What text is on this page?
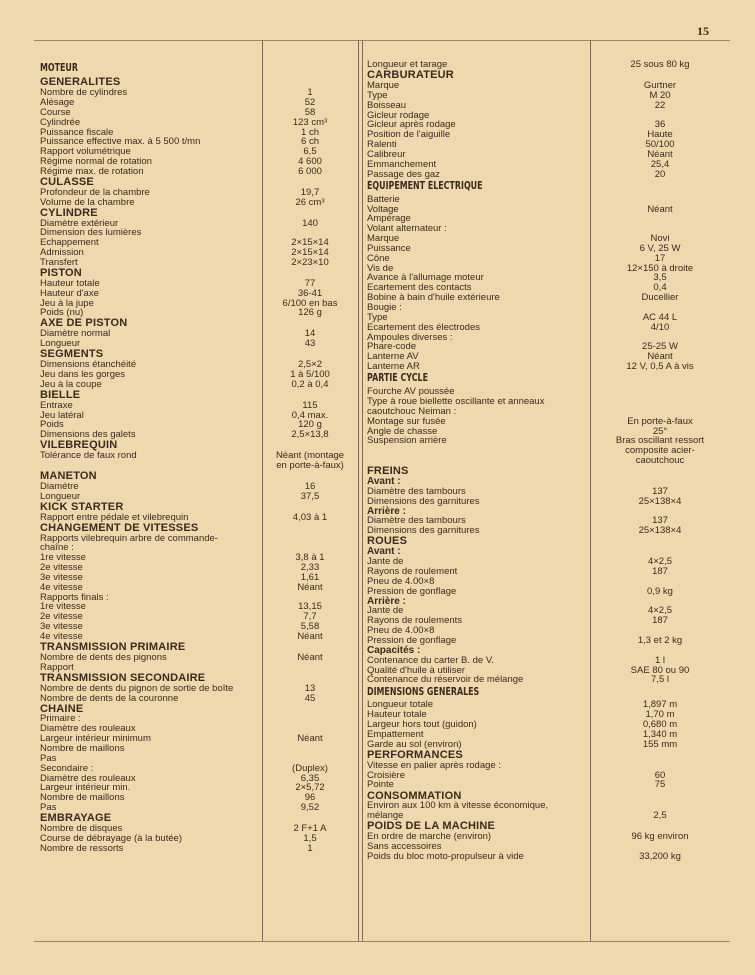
15
MOTEUR
GÉNÉRALITÉS
Nombre de cylindres	1
Alésage	52
Course	58
Cylindrée	123 cm³
Puissance fiscale	1 ch
Puissance effective max. à 5 500 t/mn	6 ch
Rapport volumétrique	6,5
Régime normal de rotation	4 600
Régime max. de rotation	6 000
CULASSE
Profondeur de la chambre	19,7
Volume de la chambre	26 cm³
CYLINDRE
Diamètre extérieur	140
Dimension des lumières
Echappement	2×15×14
Admission	2×15×14
Transfert	2×23×10
PISTON
Hauteur totale	77
Hauteur d'axe	36-41
Jeu à la jupe	6/100 en bas
Poids (nu)	126 g
AXE DE PISTON
Diamètre normal	14
Longueur	43
SEGMENTS
Dimensions étanchéité	2,5×2
Jeu dans les gorges	1 à 5/100
Jeu à la coupe	0,2 à 0,4
BIELLE
Entraxe	115
Jeu latéral	0,4 max.
Poids	120 g
Dimensions des galets	2,5×13,8
VILEBREQUIN
Tolérance de faux rond	Néant (montage
en porte-à-faux)
MANETON
Diamètre	16
Longueur	37,5
KICK STARTER
Rapport entre pédale et vilebrequin	4,03 à 1
CHANGEMENT DE VITESSES
Rapports vilebrequin arbre de commande-
chaîne :
1re vitesse	3,8 à 1
2e vitesse	2,33
3e vitesse	1,61
4e vitesse	Néant
Rapports finals :
1re vitesse	13,15
2e vitesse	7,7
3e vitesse	5,58
4e vitesse	Néant
TRANSMISSION PRIMAIRE
Nombre de dents des pignons	Néant
Rapport
TRANSMISSION SECONDAIRE
Nombre de dents du pignon de sortie de boîte	13
Nombre de dents de la couronne	45
CHAINE
Primaire :
Diamètre des rouleaux
Largeur intérieur minimum	Néant
Nombre de maillons
Pas
Secondaire :	(Duplex)
Diamètre des rouleaux	6,35
Largeur intérieur min.	2×5,72
Nombre de maillons	96
Pas	9,52
EMBRAYAGE
Nombre de disques	2 F+1 A
Course de débrayage (à la butée)	1,5
Nombre de ressorts	1
Longueur et tarage	25 sous 80 kg
CARBURATEUR
Marque	Gurtner
Type	M 20
Boisseau	22
Gicleur rodage
Gicleur après rodage	36
Position de l'aiguille	Haute
Ralenti	50/100
Calibreur	Néant
Emmanchement	25,4
Passage des gaz	20
ÉQUIPEMENT ÉLECTRIQUE
Batterie
Voltage	Néant
Ampérage
Volant alternateur :
Marque	Novi
Puissance	6 V, 25 W
Cône	17
Vis de	12×150 à droite
Avance à l'allumage moteur	3,5
Ecartement des contacts	0,4
Bobine à bain d'huile extérieure	Ducellier
Bougie :
Type	AC 44 L
Ecartement des électrodes	4/10
Ampoules diverses :
Phare-code	25-25 W
Lanterne AV	Néant
Lanterne AR	12 V, 0,5 A à vis
PARTIE CYCLE
Fourche AV poussée
Type à roue biellette oscillante et anneaux
caoutchouc Neiman :
Montage sur fusée	En porte-à-faux
Angle de chasse	25°
Suspension arrière	Bras oscillant ressort
composite acier-
caoutchouc
FREINS
Avant :
Diamètre des tambours	137
Dimensions des garnitures	25×138×4
Arrière :
Diamètre des tambours	137
Dimensions des garnitures	25×138×4
ROUES
Avant :
Jante de	4×2,5
Rayons de roulement	187
Pneu de 4.00×8
Pression de gonflage	0,9 kg
Arrière :
Jante de	4×2,5
Rayons de roulements	187
Pneu de 4.00×8
Pression de gonflage	1,3 et 2 kg
Capacités :
Contenance du carter B. de V.	1 l
Qualité d'huile à utiliser	SAE 80 ou 90
Contenance du réservoir de mélange	7,5 l
DIMENSIONS GÉNÉRALES
Longueur totale	1,897 m
Hauteur totale	1,70 m
Largeur hors tout (guidon)	0,680 m
Empattement	1,340 m
Garde au sol (environ)	155 mm
PERFORMANCES
Vitesse en palier après rodage :
Croisière	60
Pointe	75
CONSOMMATION
Environ aux 100 km à vitesse économique,
mélange	2,5
POIDS DE LA MACHINE
En ordre de marche (environ)	96 kg environ
Sans accessoires
Poids du bloc moto-propulseur à vide	33,200 kg
